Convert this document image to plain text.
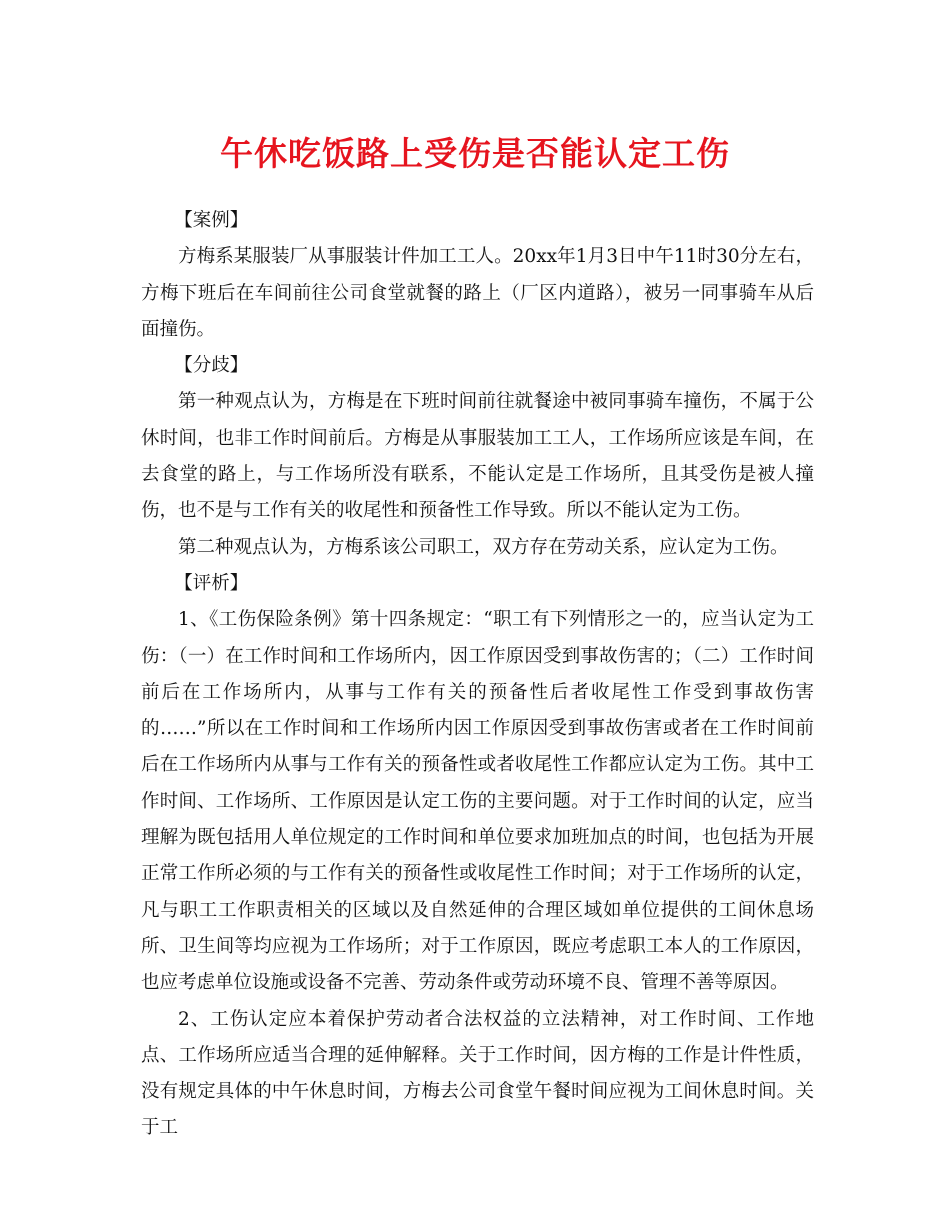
午休吃饭路上受伤是否能认定工伤

【案例】

方梅系某服装厂从事服装计件加工工人。20xx年1月3日中午11时30分左右，方梅下班后在车间前往公司食堂就餐的路上（厂区内道路），被另一同事骑车从后面撞伤。

【分歧】

第一种观点认为，方梅是在下班时间前往就餐途中被同事骑车撞伤，不属于公休时间，也非工作时间前后。方梅是从事服装加工工人，工作场所应该是车间，在去食堂的路上，与工作场所没有联系，不能认定是工作场所，且其受伤是被人撞伤，也不是与工作有关的收尾性和预备性工作导致。所以不能认定为工伤。

第二种观点认为，方梅系该公司职工，双方存在劳动关系，应认定为工伤。

【评析】

1、《工伤保险条例》第十四条规定：“职工有下列情形之一的，应当认定为工伤：（一）在工作时间和工作场所内，因工作原因受到事故伤害的；（二）工作时间前后在工作场所内，从事与工作有关的预备性后者收尾性工作受到事故伤害的……”所以在工作时间和工作场所内因工作原因受到事故伤害或者在工作时间前后在工作场所内从事与工作有关的预备性或者收尾性工作都应认定为工伤。其中工作时间、工作场所、工作原因是认定工伤的主要问题。对于工作时间的认定，应当理解为既包括用人单位规定的工作时间和单位要求加班加点的时间，也包括为开展正常工作所必须的与工作有关的预备性或收尾性工作时间；对于工作场所的认定，凡与职工工作职责相关的区域以及自然延伸的合理区域如单位提供的工间休息场所、卫生间等均应视为工作场所；对于工作原因，既应考虑职工本人的工作原因，也应考虑单位设施或设备不完善、劳动条件或劳动环境不良、管理不善等原因。

2、工伤认定应本着保护劳动者合法权益的立法精神，对工作时间、工作地点、工作场所应适当合理的延伸解释。关于工作时间，因方梅的工作是计件性质，没有规定具体的中午休息时间，方梅去公司食堂午餐时间应视为工间休息时间。关于工
